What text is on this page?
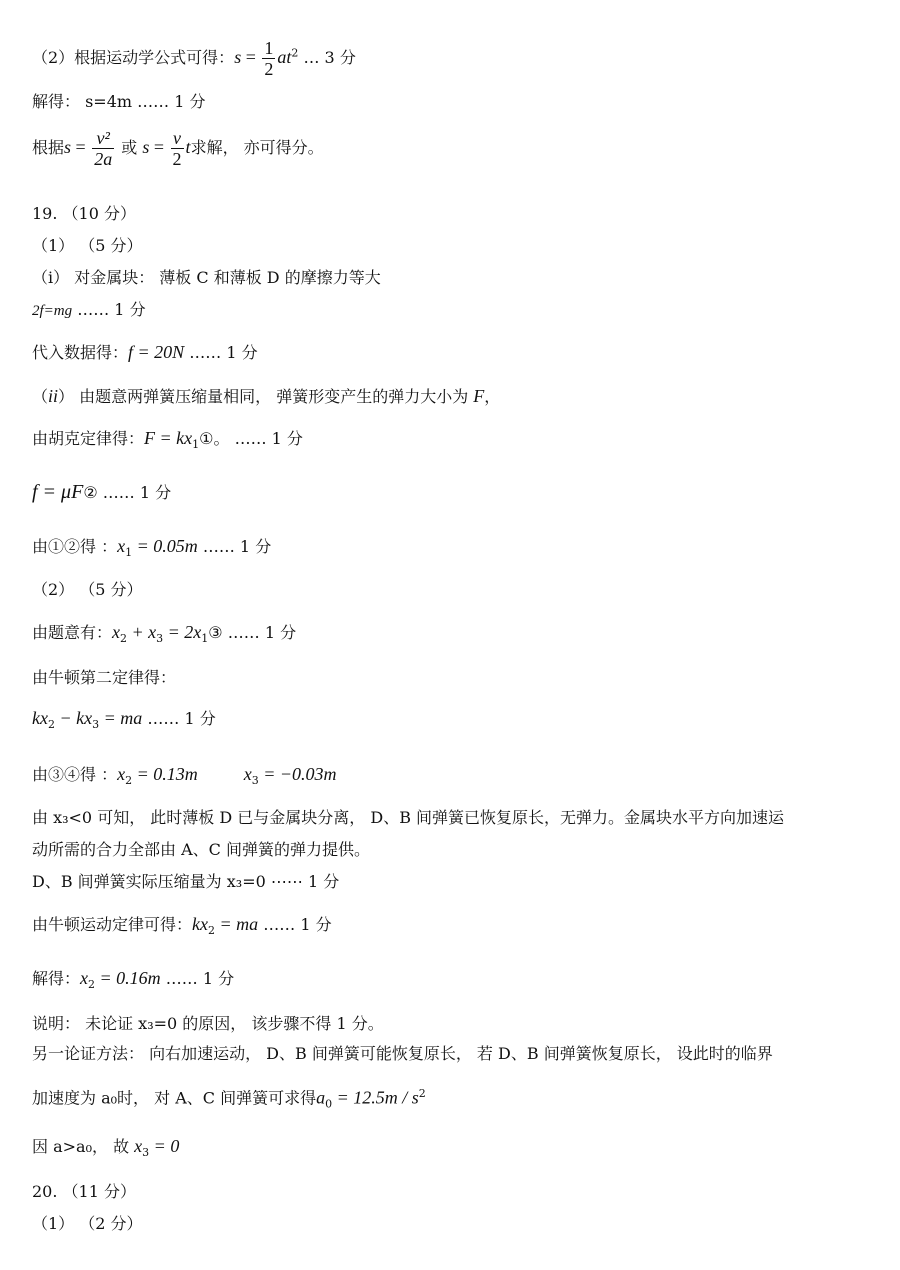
（2）根据运动学公式可得：$s = \frac{1}{2} at^2$ … 3 分
解得： s=4m …… 1 分
根据$s = \frac{\text{v²}}{2a}$ 或 $s = \frac{v}{2}$ t求解， 亦可得分。
19. （10 分）
（1） （5 分）
（i） 对金属块： 薄板 C 和薄板 D 的摩擦力等大
2f=mg …… 1 分
代入数据得：f = 20N …… 1 分
（ii） 由题意两弹簧压缩量相同， 弹簧形变产生的弹力大小为 F，
由胡克定律得：$F = kx_1①$。 …… 1 分
f = μF② …… 1 分
由①②得 ：$x_1 = 0.05m$ …… 1 分
（2） （5 分）
由题意有：$x_2 + x_3$ = $2x_1③$ …… 1 分
由牛顿第二定律得：
$kx_2 - kx_3$ = ma …… 1 分
由③④得 ：$x_2 = 0.13m$	$x_3 = -0.03m$
由 x₃<0 可知， 此时薄板 D 已与金属块分离， D、B 间弹簧已恢复原长，无弹力。金属块水平方向加速运
动所需的合力全部由 A、C 间弹簧的弹力提供。
D、B 间弹簧实际压缩量为 x₃=0 ⋯⋯ 1 分
由牛顿运动定律可得：$kx_2$ = ma …… 1 分
解得：$x_2 = 0.16m$ …… 1 分
说明： 未论证 x₃=0 的原因， 该步骤不得 1 分。
另一论证方法： 向右加速运动， D、B 间弹簧可能恢复原长， 若 D、B 间弹簧恢复原长， 设此时的临界
加速度为 a₀时， 对 A、C 间弹簧可求得$a_0 = 12.5m / s^2$
因 a>a₀， 故 $x_3 = 0$
20. （11 分）
（1） （2 分）
